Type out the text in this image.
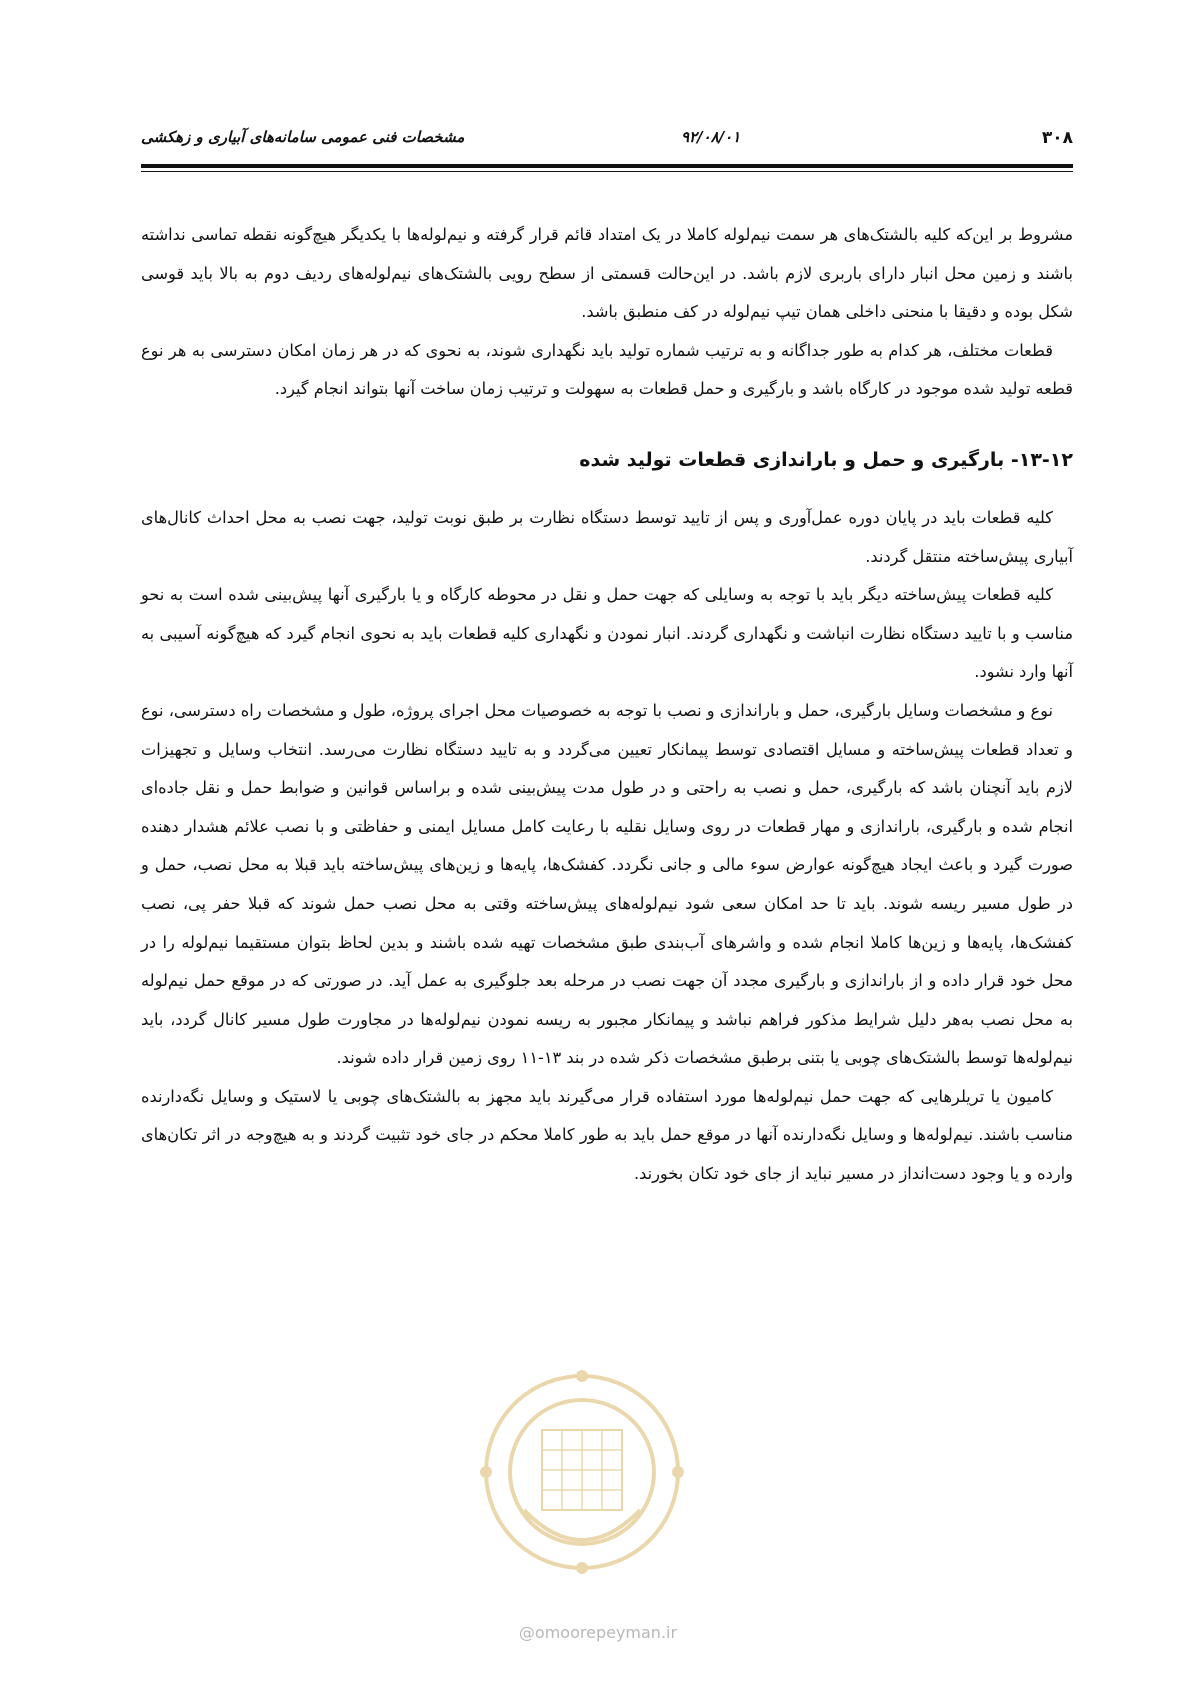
۳۰۸
۹۲/۰۸/۰۱
مشخصات فنی عمومی سامانه‌های آبیاری و زهکشی

مشروط بر این‌که کلیه بالشتک‌های هر سمت نیم‌لوله کاملا در یک امتداد قائم قرار گرفته و نیم‌لوله‌ها با یکدیگر هیچ‌گونه نقطه تماسی نداشته باشند و زمین محل انبار دارای باربری لازم باشد. در این‌حالت قسمتی از سطح رویی بالشتک‌های نیم‌لوله‌های ردیف دوم به بالا باید قوسی شکل بوده و دقیقا با منحنی داخلی همان تیپ نیم‌لوله در کف منطبق باشد.

قطعات مختلف، هر کدام به طور جداگانه و به ترتیب شماره تولید باید نگهداری شوند، به نحوی که در هر زمان امکان دسترسی به هر نوع قطعه تولید شده موجود در کارگاه باشد و بارگیری و حمل قطعات به سهولت و ترتیب زمان ساخت آنها بتواند انجام گیرد.

۱۳-۱۲- بارگیری و حمل و باراندازی قطعات تولید شده

کلیه قطعات باید در پایان دوره عمل‌آوری و پس از تایید توسط دستگاه نظارت بر طبق نوبت تولید، جهت نصب به محل احداث کانال‌های آبیاری پیش‌ساخته منتقل گردند.

کلیه قطعات پیش‌ساخته دیگر باید با توجه به وسایلی که جهت حمل و نقل در محوطه کارگاه و یا بارگیری آنها پیش‌بینی شده است به نحو مناسب و با تایید دستگاه نظارت انباشت و نگهداری گردند. انبار نمودن و نگهداری کلیه قطعات باید به نحوی انجام گیرد که هیچ‌گونه آسیبی به آنها وارد نشود.

نوع و مشخصات وسایل بارگیری، حمل و باراندازی و نصب با توجه به خصوصیات محل اجرای پروژه، طول و مشخصات راه دسترسی، نوع و تعداد قطعات پیش‌ساخته و مسایل اقتصادی توسط پیمانکار تعیین می‌گردد و به تایید دستگاه نظارت می‌رسد. انتخاب وسایل و تجهیزات لازم باید آنچنان باشد که بارگیری، حمل و نصب به راحتی و در طول مدت پیش‌بینی شده و براساس قوانین و ضوابط حمل و نقل جاده‌ای انجام شده و بارگیری، باراندازی و مهار قطعات در روی وسایل نقلیه با رعایت کامل مسایل ایمنی و حفاظتی و با نصب علائم هشدار دهنده صورت گیرد و باعث ایجاد هیچ‌گونه عوارض سوء مالی و جانی نگردد. کفشک‌ها، پایه‌ها و زین‌های پیش‌ساخته باید قبلا به محل نصب، حمل و در طول مسیر ریسه شوند. باید تا حد امکان سعی شود نیم‌لوله‌های پیش‌ساخته وقتی به محل نصب حمل شوند که قبلا حفر پی، نصب کفشک‌ها، پایه‌ها و زین‌ها کاملا انجام شده و واشرهای آب‌بندی طبق مشخصات تهیه شده باشند و بدین لحاظ بتوان مستقیما نیم‌لوله را در محل خود قرار داده و از باراندازی و بارگیری مجدد آن جهت نصب در مرحله بعد جلوگیری به عمل آید. در صورتی که در موقع حمل نیم‌لوله به محل نصب به‌هر دلیل شرایط مذکور فراهم نباشد و پیمانکار مجبور به ریسه نمودن نیم‌لوله‌ها در مجاورت طول مسیر کانال گردد، باید نیم‌لوله‌ها توسط بالشتک‌های چوبی یا بتنی برطبق مشخصات ذکر شده در بند ۱۳-۱۱ روی زمین قرار داده شوند.

کامیون یا تریلرهایی که جهت حمل نیم‌لوله‌ها مورد استفاده قرار می‌گیرند باید مجهز به بالشتک‌های چوبی یا لاستیک و وسایل نگه‌دارنده مناسب باشند. نیم‌لوله‌ها و وسایل نگه‌دارنده آنها در موقع حمل باید به طور کاملا محکم در جای خود تثبیت گردند و به هیچ‌وجه در اثر تکان‌های وارده و یا وجود دست‌انداز در مسیر نباید از جای خود تکان بخورند.

@omoorepeyman.ir
